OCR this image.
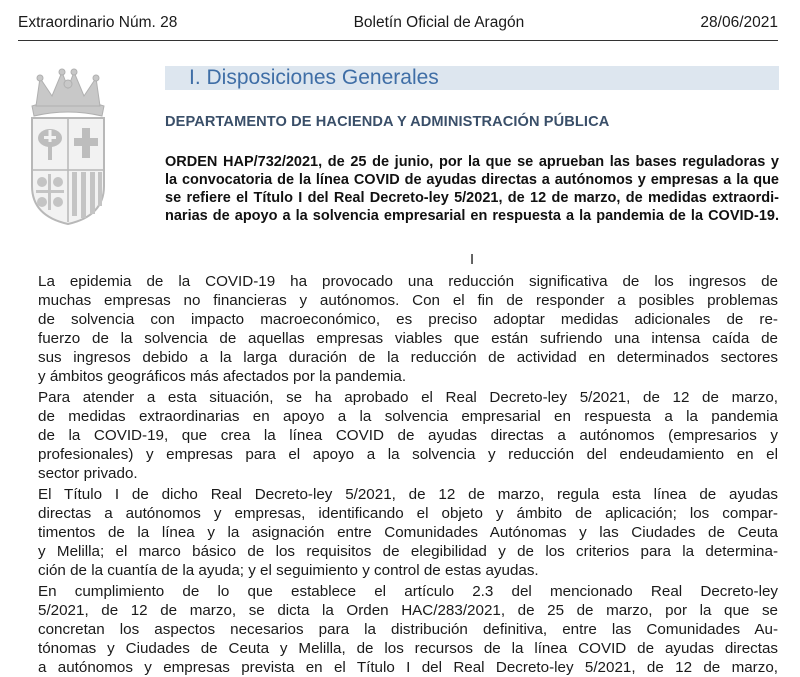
Extraordinario Núm. 28	Boletín Oficial de Aragón	28/06/2021
I. Disposiciones Generales
DEPARTAMENTO DE HACIENDA Y ADMINISTRACIÓN PÚBLICA
ORDEN HAP/732/2021, de 25 de junio, por la que se aprueban las bases reguladoras y
la convocatoria de la línea COVID de ayudas directas a autónomos y empresas a la que
se refiere el Título I del Real Decreto-ley 5/2021, de 12 de marzo, de medidas extraordi-
narias de apoyo a la solvencia empresarial en respuesta a la pandemia de la COVID-19.
I

La epidemia de la COVID-19 ha provocado una reducción significativa de los ingresos de
muchas empresas no financieras y autónomos. Con el fin de responder a posibles problemas
de solvencia con impacto macroeconómico, es preciso adoptar medidas adicionales de re-
fuerzo de la solvencia de aquellas empresas viables que están sufriendo una intensa caída de
sus ingresos debido a la larga duración de la reducción de actividad en determinados sectores
y ámbitos geográficos más afectados por la pandemia.

Para atender a esta situación, se ha aprobado el Real Decreto-ley 5/2021, de 12 de marzo,
de medidas extraordinarias en apoyo a la solvencia empresarial en respuesta a la pandemia
de la COVID-19, que crea la línea COVID de ayudas directas a autónomos (empresarios y
profesionales) y empresas para el apoyo a la solvencia y reducción del endeudamiento en el
sector privado.

El Título I de dicho Real Decreto-ley 5/2021, de 12 de marzo, regula esta línea de ayudas
directas a autónomos y empresas, identificando el objeto y ámbito de aplicación; los compar-
timentos de la línea y la asignación entre Comunidades Autónomas y las Ciudades de Ceuta
y Melilla; el marco básico de los requisitos de elegibilidad y de los criterios para la determina-
ción de la cuantía de la ayuda; y el seguimiento y control de estas ayudas.

En cumplimiento de lo que establece el artículo 2.3 del mencionado Real Decreto-ley
5/2021, de 12 de marzo, se dicta la Orden HAC/283/2021, de 25 de marzo, por la que se
concretan los aspectos necesarios para la distribución definitiva, entre las Comunidades Au-
tónomas y Ciudades de Ceuta y Melilla, de los recursos de la línea COVID de ayudas directas
a autónomos y empresas prevista en el Título I del Real Decreto-ley 5/2021, de 12 de marzo,
